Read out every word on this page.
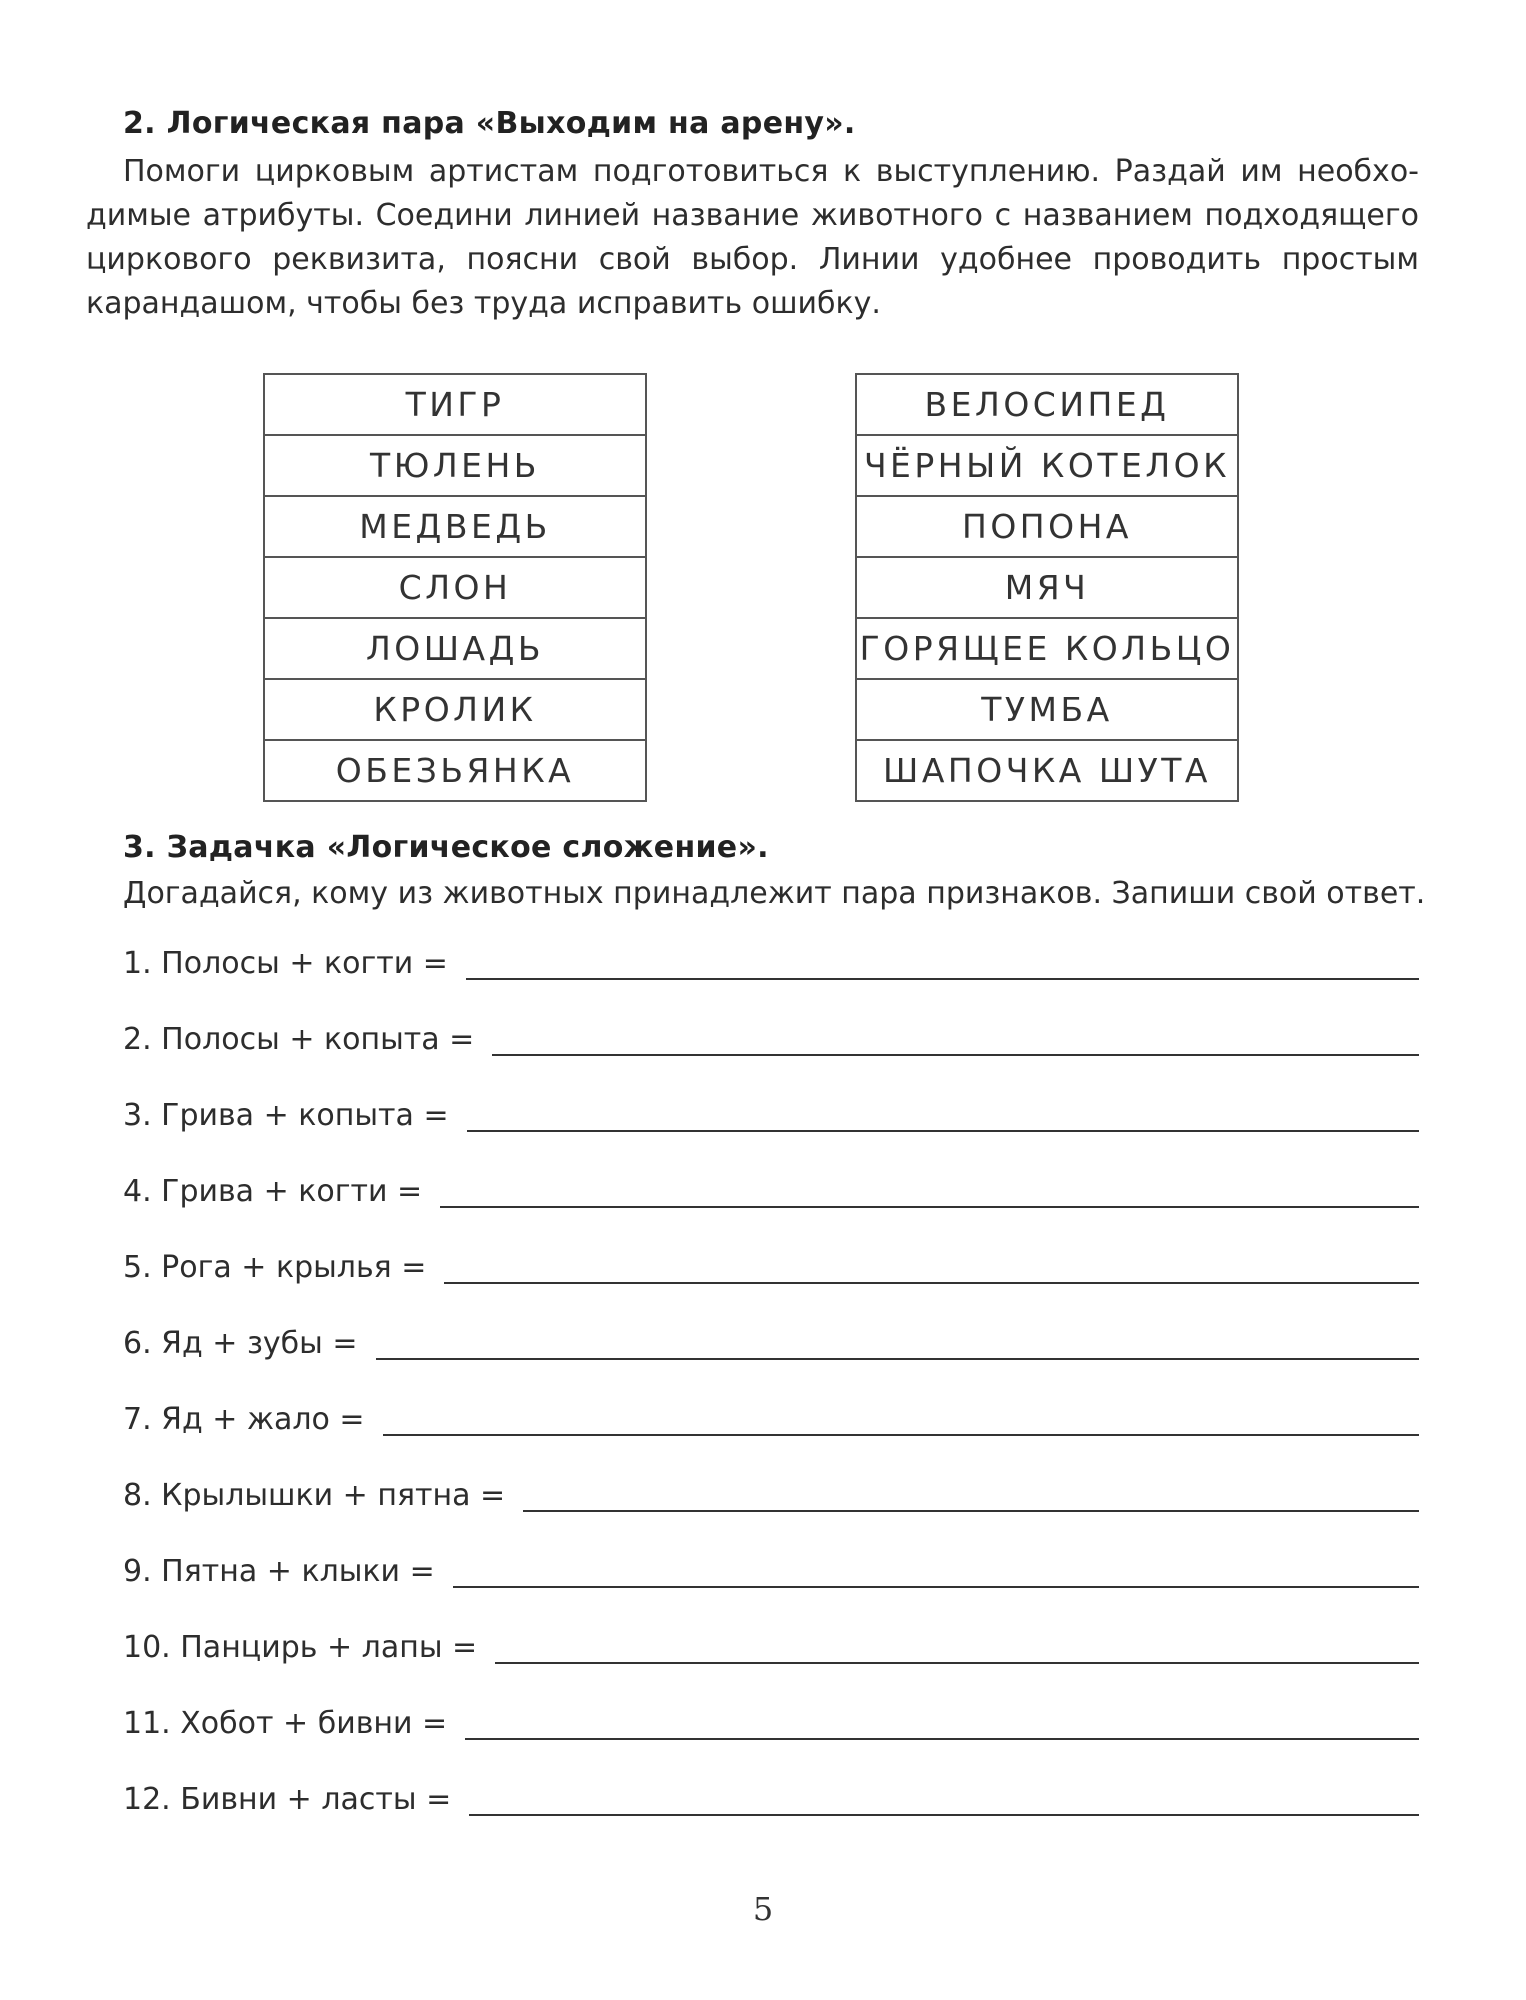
2. Логическая пара «Выходим на арену».
Помоги цирковым артистам подготовиться к выступлению. Раздай им необхо-
димые атрибуты. Соедини линией название животного с названием подходящего
циркового реквизита, поясни свой выбор. Линии удобнее проводить простым
карандашом, чтобы без труда исправить ошибку.
ТИГР
ТЮЛЕНЬ
МЕДВЕДЬ
СЛОН
ЛОШАДЬ
КРОЛИК
ОБЕЗЬЯНКА
ВЕЛОСИПЕД
ЧЁРНЫЙ КОТЕЛОК
ПОПОНА
МЯЧ
ГОРЯЩЕЕ КОЛЬЦО
ТУМБА
ШАПОЧКА ШУТА
3. Задачка «Логическое сложение».
Догадайся, кому из животных принадлежит пара признаков. Запиши свой ответ.
1. Полосы + когти =
2. Полосы + копыта =
3. Грива + копыта =
4. Грива + когти =
5. Рога + крылья =
6. Яд + зубы =
7. Яд + жало =
8. Крылышки + пятна =
9. Пятна + клыки =
10. Панцирь + лапы =
11. Хобот + бивни =
12. Бивни + ласты =
5
